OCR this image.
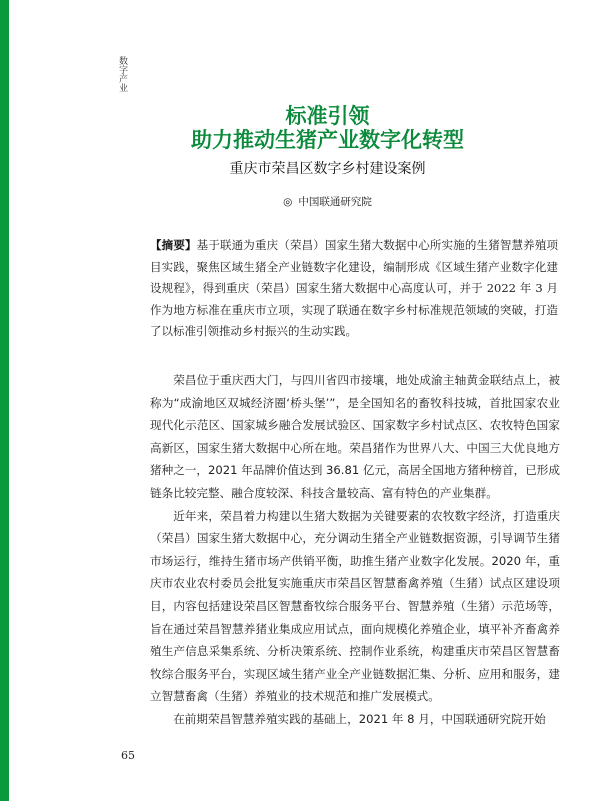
数字产业
标准引领
助力推动生猪产业数字化转型
重庆市荣昌区数字乡村建设案例
◎ 中国联通研究院
【摘要】基于联通为重庆（荣昌）国家生猪大数据中心所实施的生猪智慧养殖项目实践，聚焦区域生猪全产业链数字化建设，编制形成《区域生猪产业数字化建设规程》，得到重庆（荣昌）国家生猪大数据中心高度认可，并于 2022 年 3 月作为地方标准在重庆市立项，实现了联通在数字乡村标准规范领域的突破，打造了以标准引领推动乡村振兴的生动实践。

荣昌位于重庆西大门，与四川省四市接壤，地处成渝主轴黄金联结点上，被称为“成渝地区双城经济圈‘桥头堡’”，是全国知名的畜牧科技城，首批国家农业现代化示范区、国家城乡融合发展试验区、国家数字乡村试点区、农牧特色国家高新区，国家生猪大数据中心所在地。荣昌猪作为世界八大、中国三大优良地方猪种之一，2021 年品牌价值达到 36.81 亿元，高居全国地方猪种榜首，已形成链条比较完整、融合度较深、科技含量较高、富有特色的产业集群。

近年来，荣昌着力构建以生猪大数据为关键要素的农牧数字经济，打造重庆（荣昌）国家生猪大数据中心，充分调动生猪全产业链数据资源，引导调节生猪市场运行，维持生猪市场产供销平衡，助推生猪产业数字化发展。2020 年，重庆市农业农村委员会批复实施重庆市荣昌区智慧畜禽养殖（生猪）试点区建设项目，内容包括建设荣昌区智慧畜牧综合服务平台、智慧养殖（生猪）示范场等，旨在通过荣昌智慧养猪业集成应用试点，面向规模化养殖企业，填平补齐畜禽养殖生产信息采集系统、分析决策系统、控制作业系统，构建重庆市荣昌区智慧畜牧综合服务平台，实现区域生猪产业全产业链数据汇集、分析、应用和服务，建立智慧畜禽（生猪）养殖业的技术规范和推广发展模式。

在前期荣昌智慧养殖实践的基础上，2021 年 8 月，中国联通研究院开始

65
